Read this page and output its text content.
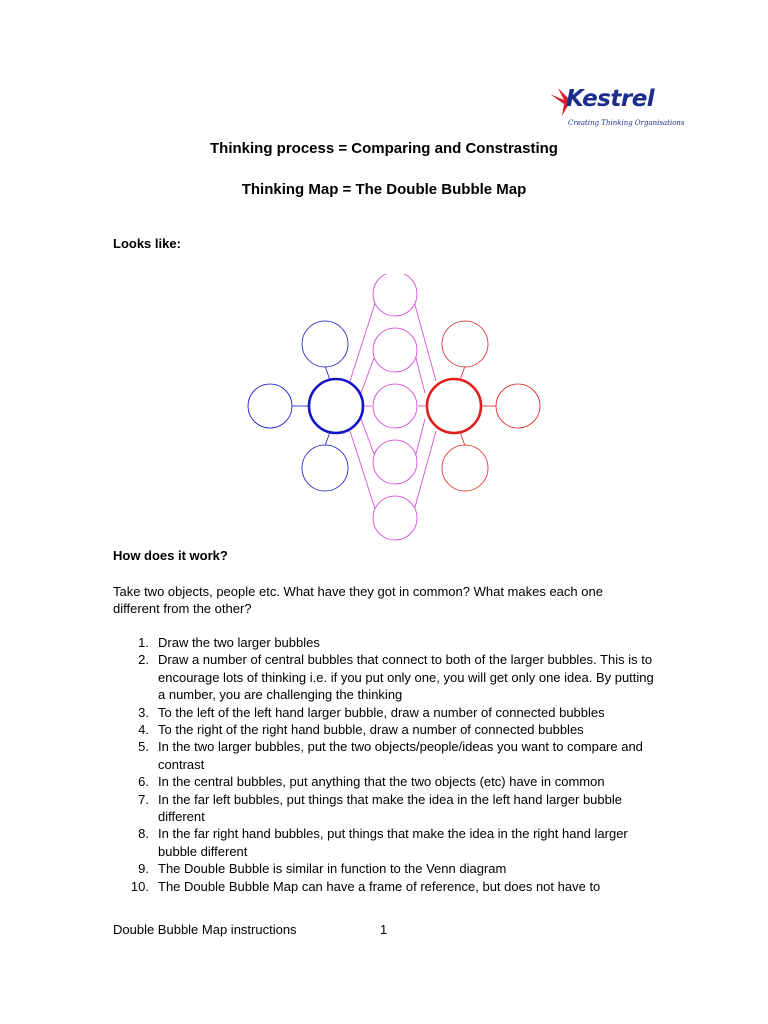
Kestrel
Creating Thinking Organisations
Thinking process = Comparing and Constrasting
Thinking Map = The Double Bubble Map

Looks like:

How does it work?

Take two objects, people etc. What have they got in common? What makes each one different from the other?

1. Draw the two larger bubbles
2. Draw a number of central bubbles that connect to both of the larger bubbles. This is to encourage lots of thinking i.e. if you put only one, you will get only one idea. By putting a number, you are challenging the thinking
3. To the left of the left hand larger bubble, draw a number of connected bubbles
4. To the right of the right hand bubble, draw a number of connected bubbles
5. In the two larger bubbles, put the two objects/people/ideas you want to compare and contrast
6. In the central bubbles, put anything that the two objects (etc) have in common
7. In the far left bubbles, put things that make the idea in the left hand larger bubble different
8. In the far right hand bubbles, put things that make the idea in the right hand larger bubble different
9. The Double Bubble is similar in function to the Venn diagram
10. The Double Bubble Map can have a frame of reference, but does not have to
Double Bubble Map instructions	1
